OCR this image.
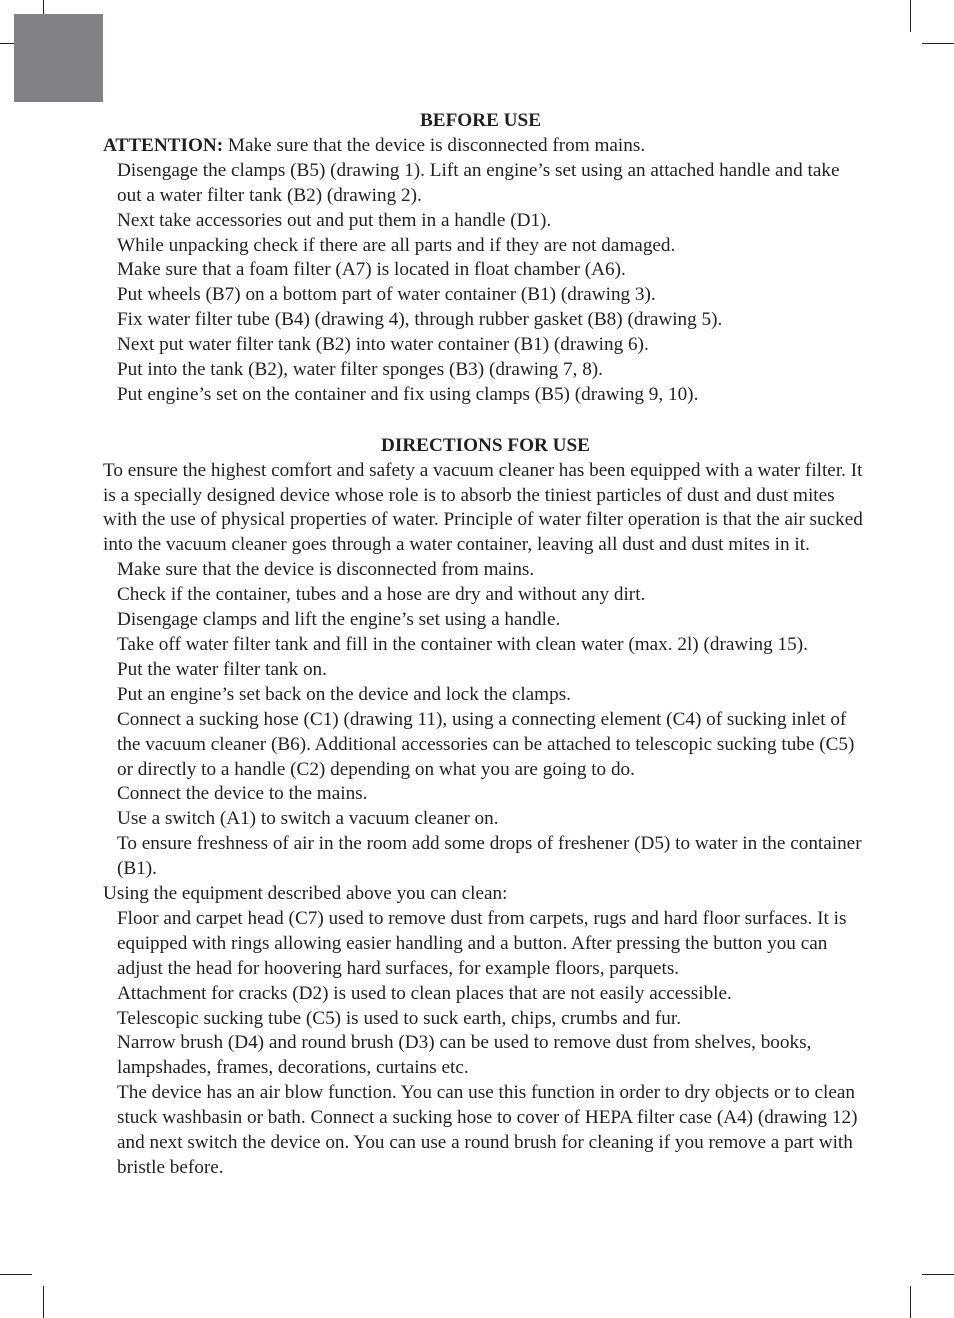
BEFORE USE
ATTENTION: Make sure that the device is disconnected from mains.
Disengage the clamps (B5) (drawing 1). Lift an engine’s set using an attached handle and take out a water filter tank (B2) (drawing 2).
Next take accessories out and put them in a handle (D1).
While unpacking check if there are all parts and if they are not damaged.
Make sure that a foam filter (A7) is located in float chamber (A6).
Put wheels (B7) on a bottom part of water container (B1) (drawing 3).
Fix water filter tube (B4) (drawing 4), through rubber gasket (B8) (drawing 5).
Next put water filter tank (B2) into water container (B1) (drawing 6).
Put into the tank (B2), water filter sponges (B3) (drawing 7, 8).
Put engine’s set on the container and fix using clamps (B5) (drawing 9, 10).
DIRECTIONS FOR USE
To ensure the highest comfort and safety a vacuum cleaner has been equipped with a water filter. It is a specially designed device whose role is to absorb the tiniest particles of dust and dust mites with the use of physical properties of water. Principle of water filter operation is that the air sucked into the vacuum cleaner goes through a water container, leaving all dust and dust mites in it.
Make sure that the device is disconnected from mains.
Check if the container, tubes and a hose are dry and without any dirt.
Disengage clamps and lift the engine’s set using a handle.
Take off water filter tank and fill in the container with clean water (max. 2l) (drawing 15).
Put the water filter tank on.
Put an engine’s set back on the device and lock the clamps.
Connect a sucking hose (C1) (drawing 11), using a connecting element (C4) of sucking inlet of the vacuum cleaner (B6). Additional accessories can be attached to telescopic sucking tube (C5) or directly to a handle (C2) depending on what you are going to do.
Connect the device to the mains.
Use a switch (A1) to switch a vacuum cleaner on.
To ensure freshness of air in the room add some drops of freshener (D5) to water in the container (B1).
Using the equipment described above you can clean:
Floor and carpet head (C7) used to remove dust from carpets, rugs and hard floor surfaces. It is equipped with rings allowing easier handling and a button. After pressing the button you can adjust the head for hoovering hard surfaces, for example floors, parquets.
Attachment for cracks (D2) is used to clean places that are not easily accessible.
Telescopic sucking tube (C5) is used to suck earth, chips, crumbs and fur.
Narrow brush (D4) and round brush (D3) can be used to remove dust from shelves, books, lampshades, frames, decorations, curtains etc.
The device has an air blow function. You can use this function in order to dry objects or to clean stuck washbasin or bath. Connect a sucking hose to cover of HEPA filter case (A4) (drawing 12) and next switch the device on. You can use a round brush for cleaning if you remove a part with bristle before.
